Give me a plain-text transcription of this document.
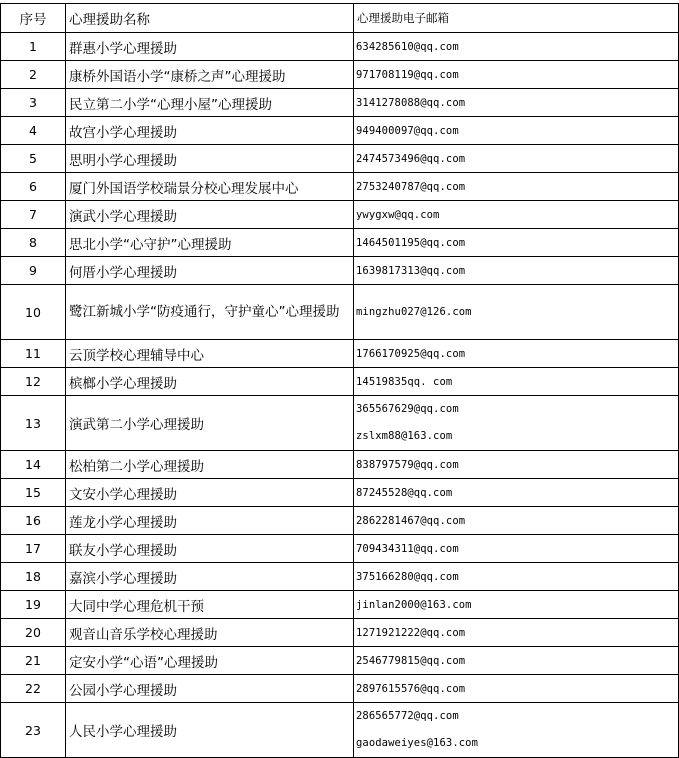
序号	心理援助名称	心理援助电子邮箱
1	群惠小学心理援助	634285610@qq.com
2	康桥外国语小学“康桥之声”心理援助	971708119@qq.com
3	民立第二小学“心理小屋”心理援助	3141278088@qq.com
4	故宫小学心理援助	949400097@qq.com
5	思明小学心理援助	2474573496@qq.com
6	厦门外国语学校瑞景分校心理发展中心	2753240787@qq.com
7	演武小学心理援助	ywygxw@qq.com
8	思北小学“心守护”心理援助	1464501195@qq.com
9	何厝小学心理援助	1639817313@qq.com
10	鹭江新城小学“防疫通行，守护童心”心理援助	mingzhu027@126.com
11	云顶学校心理辅导中心	1766170925@qq.com
12	槟榔小学心理援助	14519835qq. com
13	演武第二小学心理援助	365567629@qq.com
zslxm88@163.com

14	松柏第二小学心理援助	838797579@qq.com
15	文安小学心理援助	87245528@qq.com
16	莲龙小学心理援助	2862281467@qq.com
17	联友小学心理援助	709434311@qq.com
18	嘉滨小学心理援助	375166280@qq.com
19	大同中学心理危机干预	jinlan2000@163.com
20	观音山音乐学校心理援助	1271921222@qq.com
21	定安小学“心语”心理援助	2546779815@qq.com
22	公园小学心理援助	2897615576@qq.com
23	人民小学心理援助	286565772@qq.com
gaodaweiyes@163.com
